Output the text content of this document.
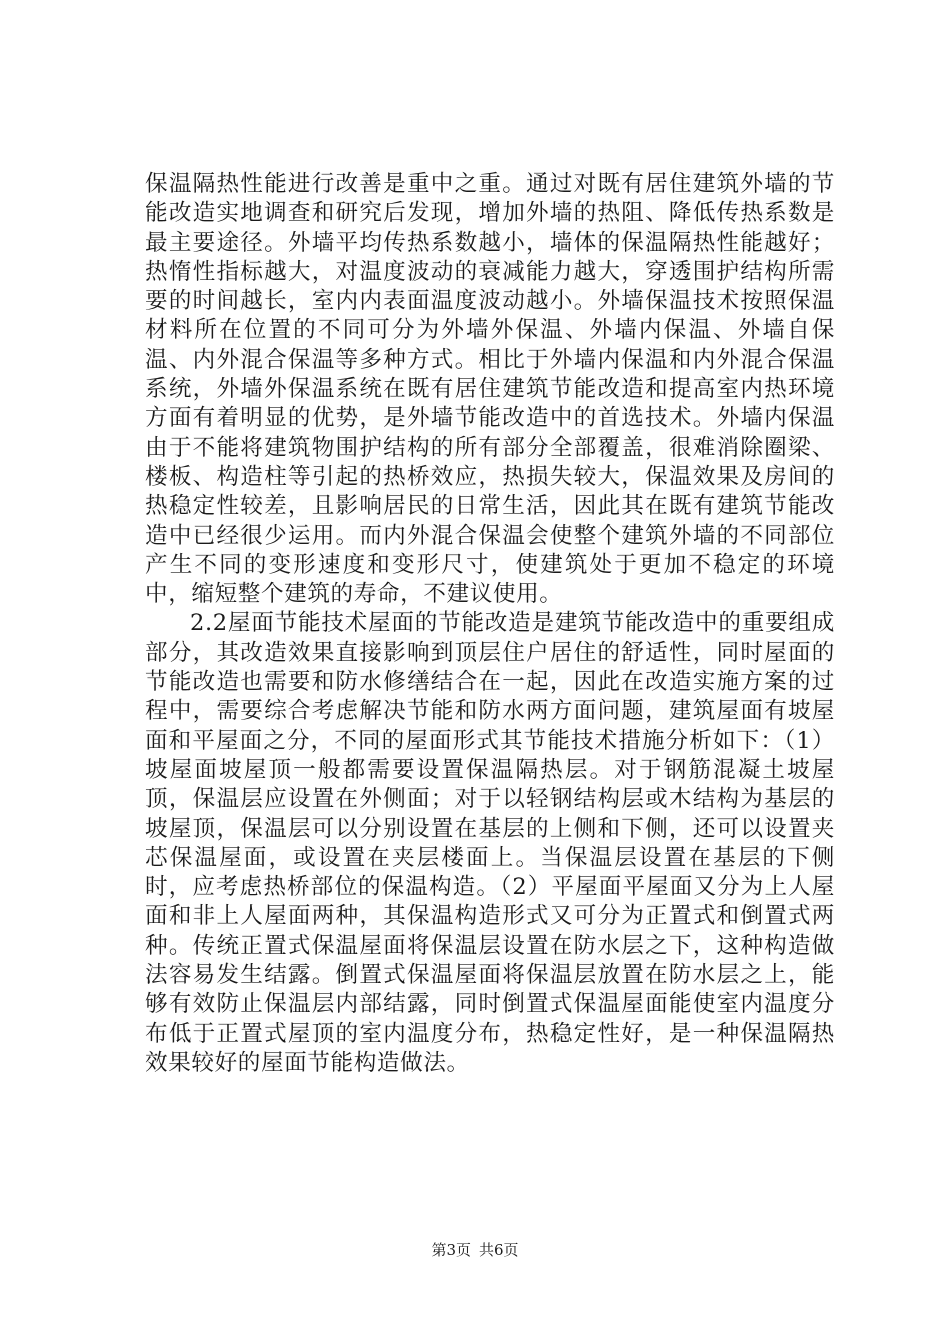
保温隔热性能进行改善是重中之重。通过对既有居住建筑外墙的节能改造实地调查和研究后发现，增加外墙的热阻、降低传热系数是最主要途径。外墙平均传热系数越小，墙体的保温隔热性能越好；热惰性指标越大，对温度波动的衰减能力越大，穿透围护结构所需要的时间越长，室内内表面温度波动越小。外墙保温技术按照保温材料所在位置的不同可分为外墙外保温、外墙内保温、外墙自保温、内外混合保温等多种方式。相比于外墙内保温和内外混合保温系统，外墙外保温系统在既有居住建筑节能改造和提高室内热环境方面有着明显的优势，是外墙节能改造中的首选技术。外墙内保温由于不能将建筑物围护结构的所有部分全部覆盖，很难消除圈梁、楼板、构造柱等引起的热桥效应，热损失较大，保温效果及房间的热稳定性较差，且影响居民的日常生活，因此其在既有建筑节能改造中已经很少运用。而内外混合保温会使整个建筑外墙的不同部位产生不同的变形速度和变形尺寸，使建筑处于更加不稳定的环境中，缩短整个建筑的寿命，不建议使用。

2.2屋面节能技术屋面的节能改造是建筑节能改造中的重要组成部分，其改造效果直接影响到顶层住户居住的舒适性，同时屋面的节能改造也需要和防水修缮结合在一起，因此在改造实施方案的过程中，需要综合考虑解决节能和防水两方面问题，建筑屋面有坡屋面和平屋面之分，不同的屋面形式其节能技术措施分析如下：（1）坡屋面坡屋顶一般都需要设置保温隔热层。对于钢筋混凝土坡屋顶，保温层应设置在外侧面；对于以轻钢结构层或木结构为基层的坡屋顶，保温层可以分别设置在基层的上侧和下侧，还可以设置夹芯保温屋面，或设置在夹层楼面上。当保温层设置在基层的下侧时，应考虑热桥部位的保温构造。（2）平屋面平屋面又分为上人屋面和非上人屋面两种，其保温构造形式又可分为正置式和倒置式两种。传统正置式保温屋面将保温层设置在防水层之下，这种构造做法容易发生结露。倒置式保温屋面将保温层放置在防水层之上，能够有效防止保温层内部结露，同时倒置式保温屋面能使室内温度分布低于正置式屋顶的室内温度分布，热稳定性好，是一种保温隔热效果较好的屋面节能构造做法。

第3页 共6页
